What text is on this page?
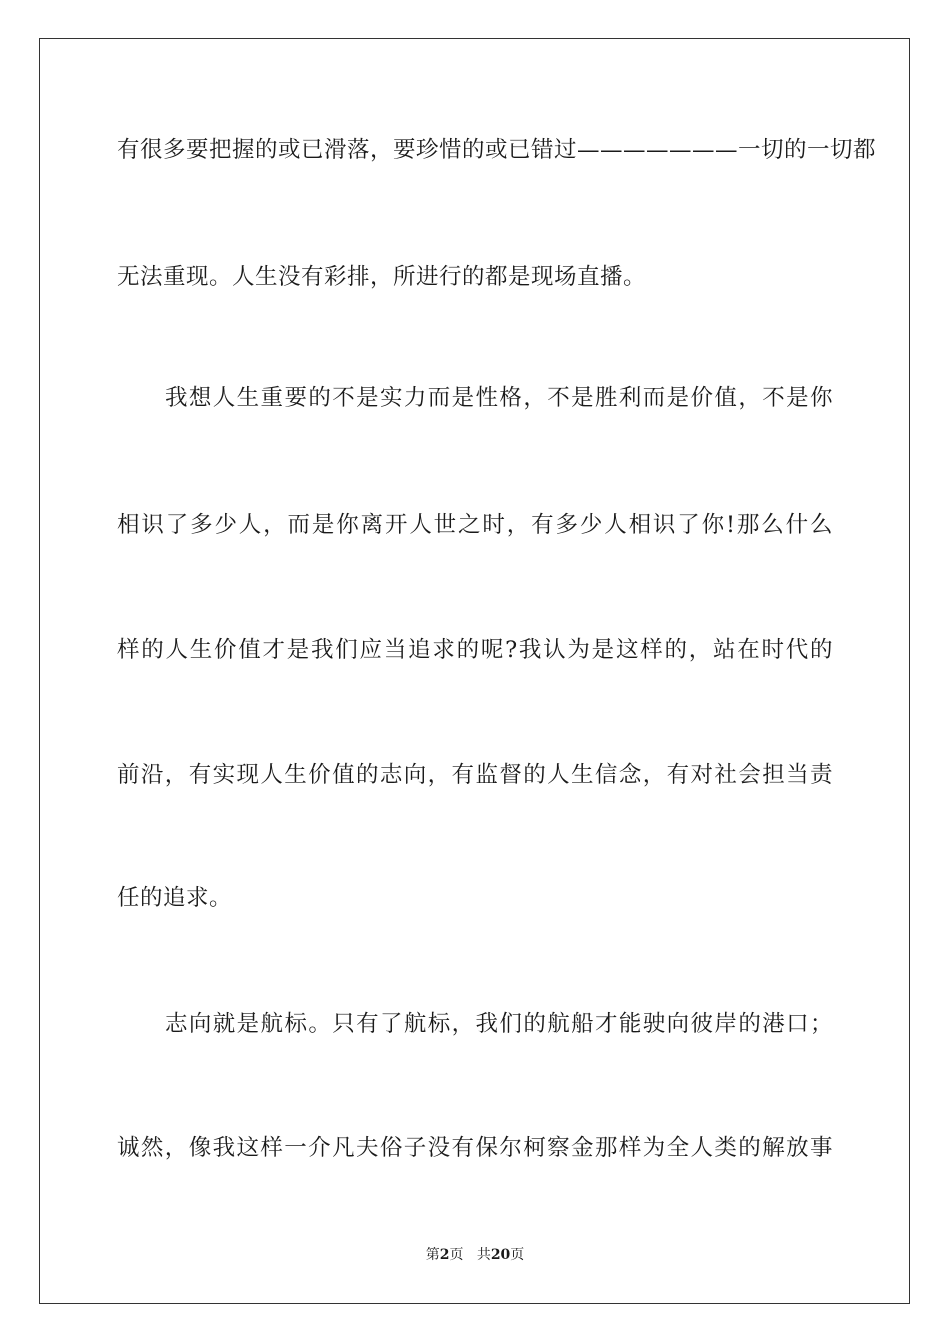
有很多要把握的或已滑落，要珍惜的或已错过———————一切的一切都
无法重现。人生没有彩排，所进行的都是现场直播。
我想人生重要的不是实力而是性格，不是胜利而是价值，不是你
相识了多少人，而是你离开人世之时，有多少人相识了你!那么什么
样的人生价值才是我们应当追求的呢?我认为是这样的，站在时代的
前沿，有实现人生价值的志向，有监督的人生信念，有对社会担当责
任的追求。
志向就是航标。只有了航标，我们的航船才能驶向彼岸的港口；
诚然，像我这样一介凡夫俗子没有保尔柯察金那样为全人类的解放事
第2页 共20页
